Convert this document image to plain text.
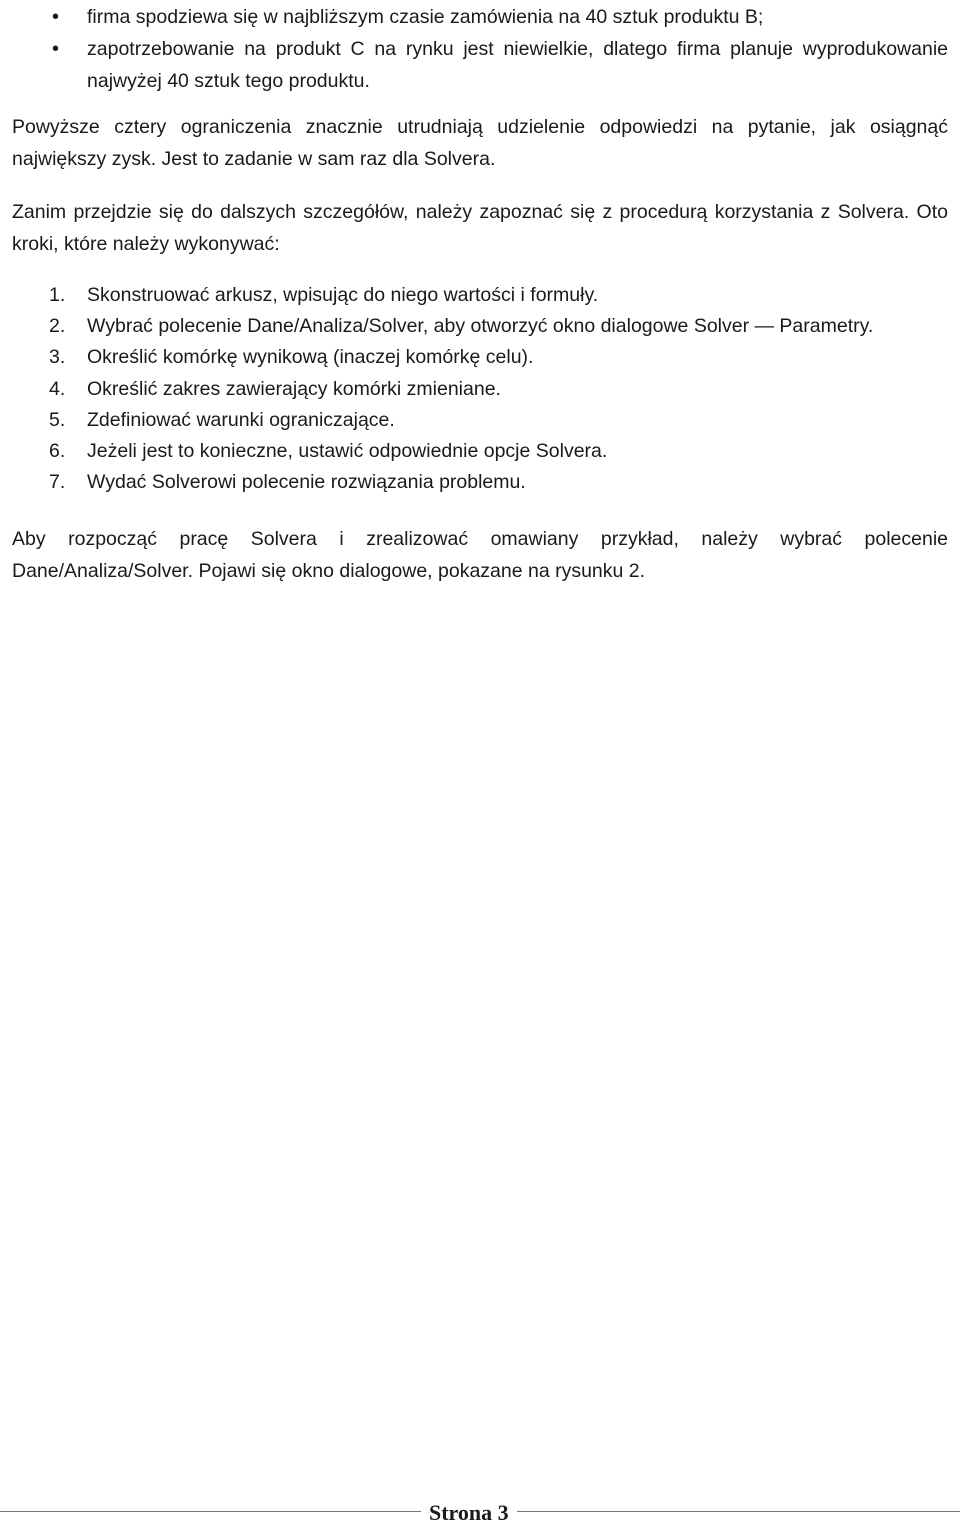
• firma spodziewa się w najbliższym czasie zamówienia na 40 sztuk produktu B;
• zapotrzebowanie na produkt C na rynku jest niewielkie, dlatego firma planuje wyprodukowanie najwyżej 40 sztuk tego produktu.

Powyższe cztery ograniczenia znacznie utrudniają udzielenie odpowiedzi na pytanie, jak osiągnąć największy zysk. Jest to zadanie w sam raz dla Solvera.

Zanim przejdzie się do dalszych szczegółów, należy zapoznać się z procedurą korzystania z Solvera. Oto kroki, które należy wykonywać:

1. Skonstruować arkusz, wpisując do niego wartości i formuły.
2. Wybrać polecenie Dane/Analiza/Solver, aby otworzyć okno dialogowe Solver — Parametry.
3. Określić komórkę wynikową (inaczej komórkę celu).
4. Określić zakres zawierający komórki zmieniane.
5. Zdefiniować warunki ograniczające.
6. Jeżeli jest to konieczne, ustawić odpowiednie opcje Solvera.
7. Wydać Solverowi polecenie rozwiązania problemu.

Aby rozpocząć pracę Solvera i zrealizować omawiany przykład, należy wybrać polecenie Dane/Analiza/Solver. Pojawi się okno dialogowe, pokazane na rysunku 2.

Strona 3
